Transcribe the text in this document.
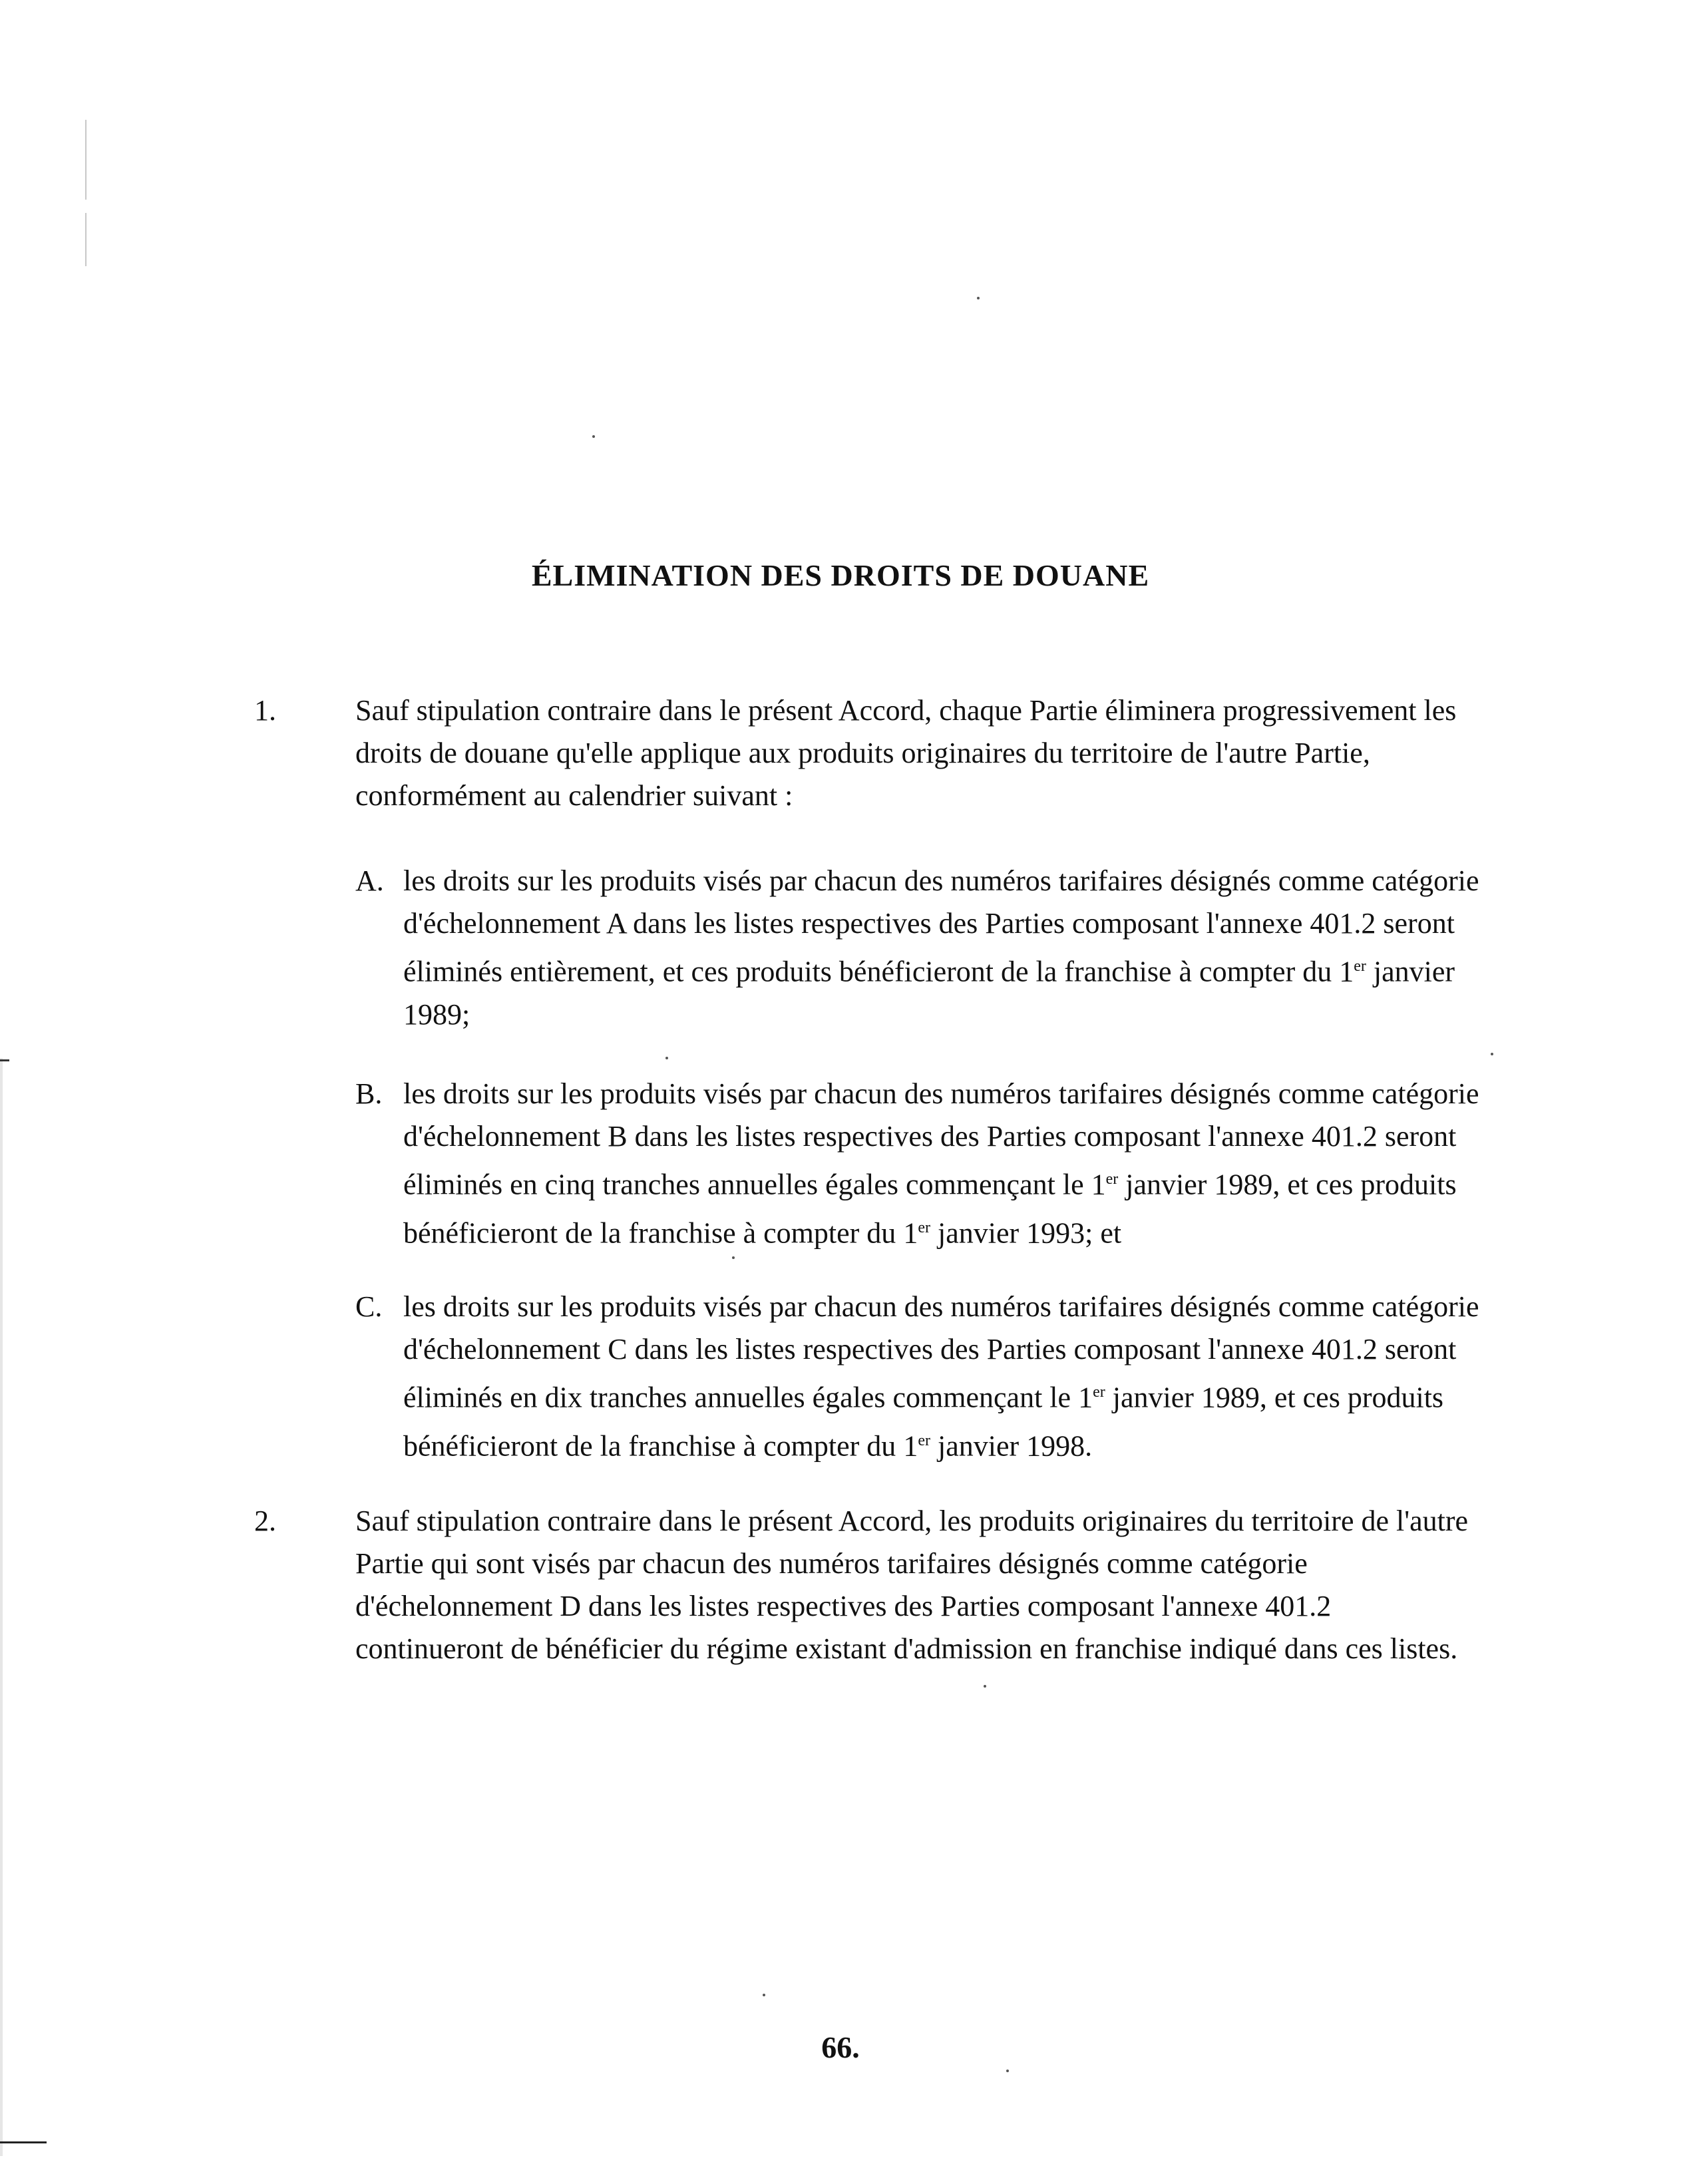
ÉLIMINATION DES DROITS DE DOUANE
1.	Sauf stipulation contraire dans le présent Accord, chaque Partie éliminera progressivement les
droits de douane qu'elle applique aux produits originaires du territoire de l'autre Partie,
conformément au calendrier suivant :
A. les droits sur les produits visés par chacun des numéros tarifaires désignés comme catégorie
d'échelonnement A dans les listes respectives des Parties composant l'annexe 401.2 seront
éliminés entièrement, et ces produits bénéficieront de la franchise à compter du 1er janvier
1989;
B. les droits sur les produits visés par chacun des numéros tarifaires désignés comme catégorie
d'échelonnement B dans les listes respectives des Parties composant l'annexe 401.2 seront
éliminés en cinq tranches annuelles égales commençant le 1er janvier 1989, et ces produits
bénéficieront de la franchise à compter du 1er janvier 1993; et
C. les droits sur les produits visés par chacun des numéros tarifaires désignés comme catégorie
d'échelonnement C dans les listes respectives des Parties composant l'annexe 401.2 seront
éliminés en dix tranches annuelles égales commençant le 1er janvier 1989, et ces produits
bénéficieront de la franchise à compter du 1er janvier 1998.
2.	Sauf stipulation contraire dans le présent Accord, les produits originaires du territoire de l'autre
Partie qui sont visés par chacun des numéros tarifaires désignés comme catégorie
d'échelonnement D dans les listes respectives des Parties composant l'annexe 401.2
continueront de bénéficier du régime existant d'admission en franchise indiqué dans ces listes.
66.
